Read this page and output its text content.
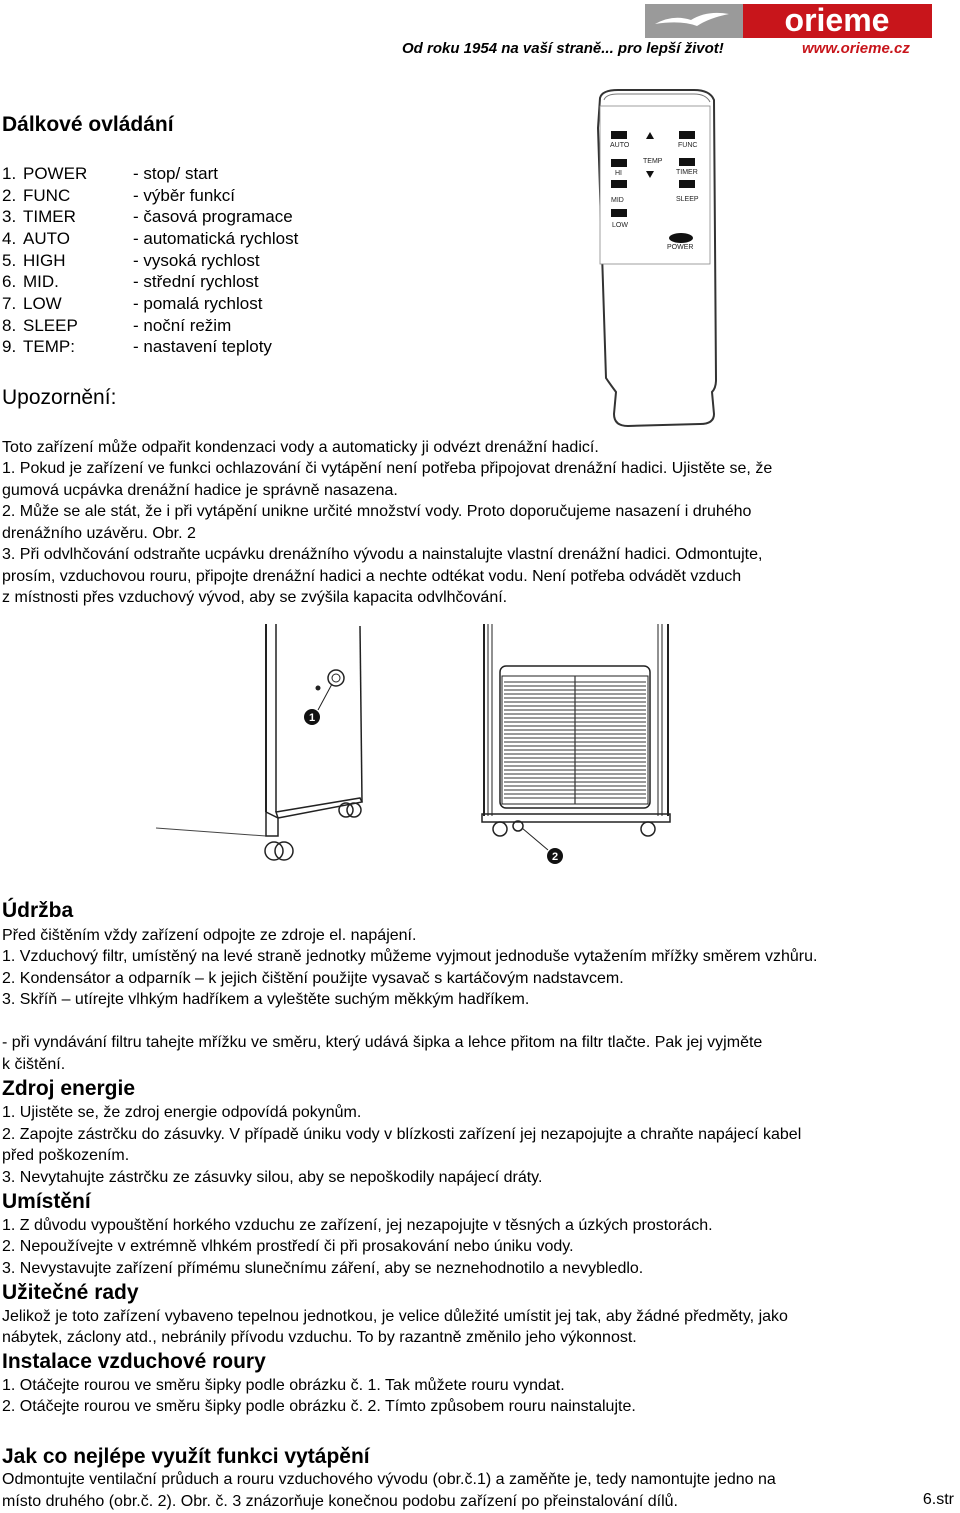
orieme
Od roku 1954 na vaší straně... pro lepší život!	www.orieme.cz
Dálkové ovládání
1. POWER	- stop/ start
2. FUNC	- výběr funkcí
3. TIMER	- časová programace
4. AUTO	- automatická rychlost
5. HIGH	- vysoká rychlost
6. MID.	- střední rychlost
7. LOW	- pomalá rychlost
8. SLEEP	- noční režim
9. TEMP:	- nastavení teploty
AUTO	FUNC
TEMP
HI	TIMER
MID	SLEEP
LOW
POWER
Upozornění:
Toto zařízení může odpařit kondenzaci vody a automaticky ji odvézt drenážní hadicí.
1. Pokud je zařízení ve funkci ochlazování či vytápění není potřeba připojovat drenážní hadici. Ujistěte se, že
gumová ucpávka drenážní hadice je správně nasazena.
2. Může se ale stát, že i při vytápění unikne určité množství vody. Proto doporučujeme nasazení i druhého
drenážního uzávěru. Obr. 2
3. Při odvlhčování odstraňte ucpávku drenážního vývodu a nainstalujte vlastní drenážní hadici. Odmontujte,
prosím, vzduchovou rouru, připojte drenážní hadici a nechte odtékat vodu. Není potřeba odvádět vzduch
z místnosti přes vzduchový vývod, aby se zvýšila kapacita odvlhčování.
1
2
Údržba
Před čištěním vždy zařízení odpojte ze zdroje el. napájení.
1. Vzduchový filtr, umístěný na levé straně jednotky můžeme vyjmout jednoduše vytažením mřížky směrem vzhůru.
2. Kondensátor a odparník – k jejich čištění použijte vysavač s kartáčovým nadstavcem.
3. Skříň – utírejte vlhkým hadříkem a vyleštěte suchým měkkým hadříkem.
- při vyndávání filtru tahejte mřížku ve směru, který udává šipka a lehce přitom na filtr tlačte. Pak jej vyjměte
k čištění.
Zdroj energie
1. Ujistěte se, že zdroj energie odpovídá pokynům.
2. Zapojte zástrčku do zásuvky. V případě úniku vody v blízkosti zařízení jej nezapojujte a chraňte napájecí kabel
před poškozením.
3. Nevytahujte zástrčku ze zásuvky silou, aby se nepoškodily napájecí dráty.
Umístění
1. Z důvodu vypouštění horkého vzduchu ze zařízení, jej nezapojujte v těsných a úzkých prostorách.
2. Nepoužívejte v extrémně vlhkém prostředí či při prosakování nebo úniku vody.
3. Nevystavujte zařízení přímému slunečnímu záření, aby se neznehodnotilo a nevybledlo.
Užitečné rady
Jelikož je toto zařízení vybaveno tepelnou jednotkou, je velice důležité umístit jej tak, aby žádné předměty, jako
nábytek, záclony atd., nebránily přívodu vzduchu. To by razantně změnilo jeho výkonnost.
Instalace vzduchové roury
1. Otáčejte rourou ve směru šipky podle obrázku č. 1. Tak můžete rouru vyndat.
2. Otáčejte rourou ve směru šipky podle obrázku č. 2. Tímto způsobem rouru nainstalujte.
Jak co nejlépe využít funkci vytápění
Odmontujte ventilační průduch a rouru vzduchového vývodu (obr.č.1) a zaměňte je, tedy namontujte jedno na
místo druhého (obr.č. 2). Obr. č. 3 znázorňuje konečnou podobu zařízení po přeinstalování dílů.	6.str
